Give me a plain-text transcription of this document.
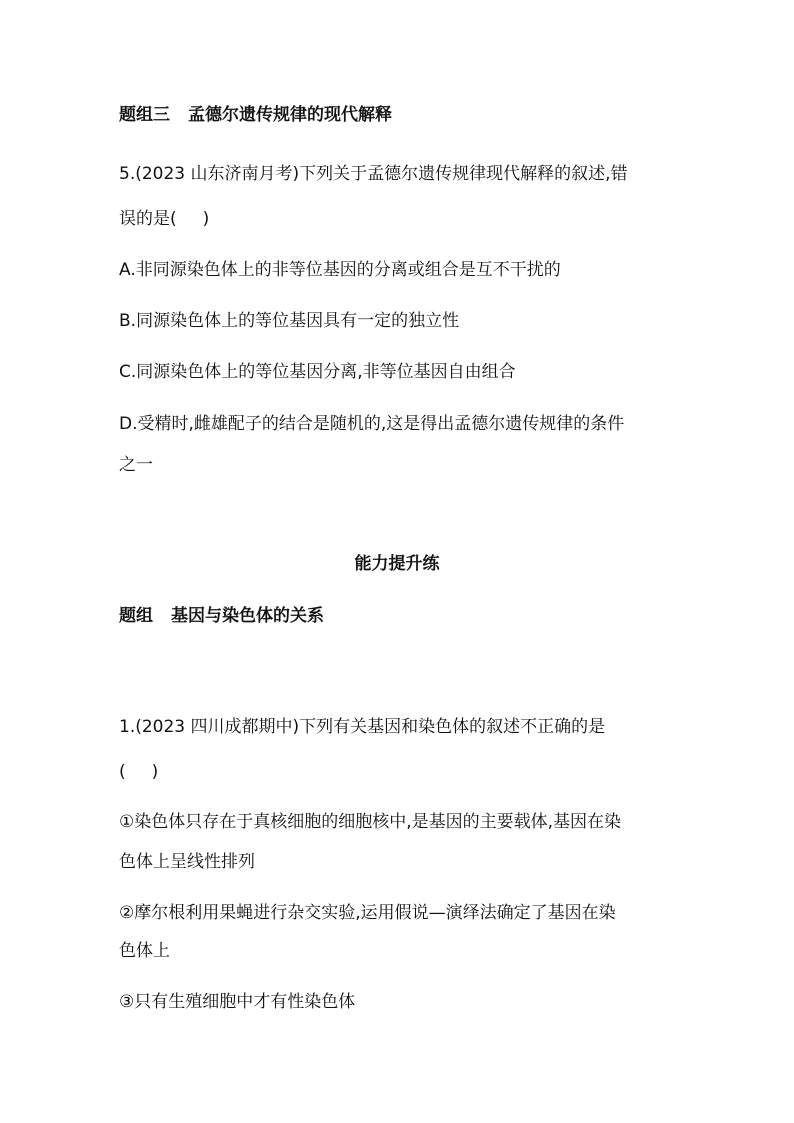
题组三 孟德尔遗传规律的现代解释
5.(2023 山东济南月考)下列关于孟德尔遗传规律现代解释的叙述,错
误的是( )
A.非同源染色体上的非等位基因的分离或组合是互不干扰的
B.同源染色体上的等位基因具有一定的独立性
C.同源染色体上的等位基因分离,非等位基因自由组合
D.受精时,雌雄配子的结合是随机的,这是得出孟德尔遗传规律的条件
之一
能力提升练
题组 基因与染色体的关系
1.(2023 四川成都期中)下列有关基因和染色体的叙述不正确的是
( )
①染色体只存在于真核细胞的细胞核中,是基因的主要载体,基因在染
色体上呈线性排列
②摩尔根利用果蝇进行杂交实验,运用假说—演绎法确定了基因在染
色体上
③只有生殖细胞中才有性染色体
